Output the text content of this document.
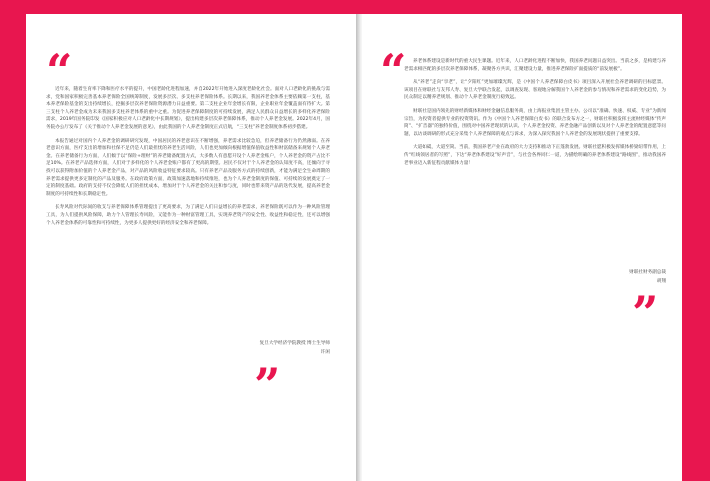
“

近年来，随着生育率下降和医疗水平的提升，中国老龄化进程加速，并自2022年开始进入深度老龄化社会。面对人口老龄化的挑战与需求，党和国家积极完善基本养老保险全国统筹制度，发展多层次、多支柱养老保险体系。长期以来，我国养老金体系主要依赖第一支柱，基本养老保险基金的支出持续增长，挖掘多层次养老保险资源潜力日益重要。第二支柱企业年金增长有限，企业职业年金覆盖面有待扩大。第三支柱个人养老金成为未来我国多支柱养老体系的重中之重。为促进养老保障制度的可持续发展，满足人民群众日益增长的多样化养老保险需求，2019年国务院印发《国家积极应对人口老龄化中长期规划》，提出构建多层次养老保障体系，推动个人养老金发展。2022年4月，国务院办公厅发布了《关于推动个人养老金发展的意见》，由此我国的个人养老金制度正式启航，“三支柱”养老金制度体系初步搭建。

本报告通过对国内个人养老金的调研研究发现，中国居民的养老意识在不断增强，养老需求比较急迫，但养老储备行为仍然薄弱。在养老意识方面，医疗支出的增加和社保不足仍是人们最担忧的养老生活风险，人们也更加倾向根据增值保值收益性和财富储备来规划个人养老金。在养老储备行为方面，人们倾于以“保险+理财”的养老储备配置方式，大多数人有意愿开设个人养老金账户，个人养老金的资产占比不足10%。在养老产品选择方面，人们对于多样化的个人养老金账户都有了更高的期望。居民不仅对于个人养老金的认知度不高，还倾向于寻找可以获得附加价值的个人养老金产品，对产品的风险收益特征要求较高。只有养老产品及服务方式的持续创新，才能为满足全生命周期的养老需求提供更多定制化的产品及服务。在政府政策方面，政策加速落地和持续推进，也为个人养老金制度的保值、可持续的发展奠定了一定的制度基础。政府的支持不仅会降低人们的担忧成本，增加对于个人养老金的关注和参与度，同时也带来资产品的迭代发展，提高养老金制度的可持续性和长期稳定性。

长寿风险对代际间的收支与养老保障体系管理提出了更高要求，为了满足人们日益增长的养老需求，养老保险既可以作为一种风险管理工具，为人们提供风险保障，助力个人管理长寿风险，又能作为一种财富管理工具，实现养老资产的安全性、收益性和稳定性，还可以增强个人养老金体系的可靠性和可持续性，为更多人提供更好的经济安全和养老保障。

复旦大学经济学院教授 博士生导师
许闲
”
“	养老体系建设是新时代的重大民生课题。近年来，人口老龄化进程不断加快，我国养老问题日益突出。当前之多，是构建与养老需求相匹配的多层次养老保障体系，凝聚各方共识，汇聚建设力量，推进养老保险扩面提质的“前发展板”。

从“养老”走向“享老”，让“夕阳红”更加璀璨光辉，是《中国个人养老保障白皮书》项目深入开展社会养老调研的目标愿景。该项目在财联社与友邦人寿、复旦大学联合发起，以调查发现、客观地分解我国个人养老金的参与情况和养老需求的变化趋势，为民众制定以精养老规划、推动个人养老金制度行稳致远。

财联社是国内领先的财经新媒体和财经金融信息服务商，由上海报业集团主管主办。公司以“准确、快速、权威、专业”为新闻宗旨，为投资者提供专业的投资资讯。作为《中国个人养老保障白皮书》的联合发布方之一，财联社积极发挥主流财经媒体“传声筒”、“扩音器”的独特价值，围绕对中国养老现状的认识、个人养老金投资、养老金融产品创新以及对个人养老金的配置意愿等问题，以访谈调研的形式充分采集个人养老保障的观点与诉求，为深入探究我国个人养老金的发展现状提供了重要支撑。

大道如砥，大道至简。当前，我国养老产业在政府的大力支持和推动下正蓬勃发展。财联社愿积极发挥媒体桥梁纽带作用，上传“红线领居者的写照”，下达“养老体系建设”好声音”，与社会各界同仁一道，为描绘明确的养老体系建设“路线图”，推动我国养老事业迈入新征程贡献媒体力量！

财联社财务副总裁
胡翔
”
